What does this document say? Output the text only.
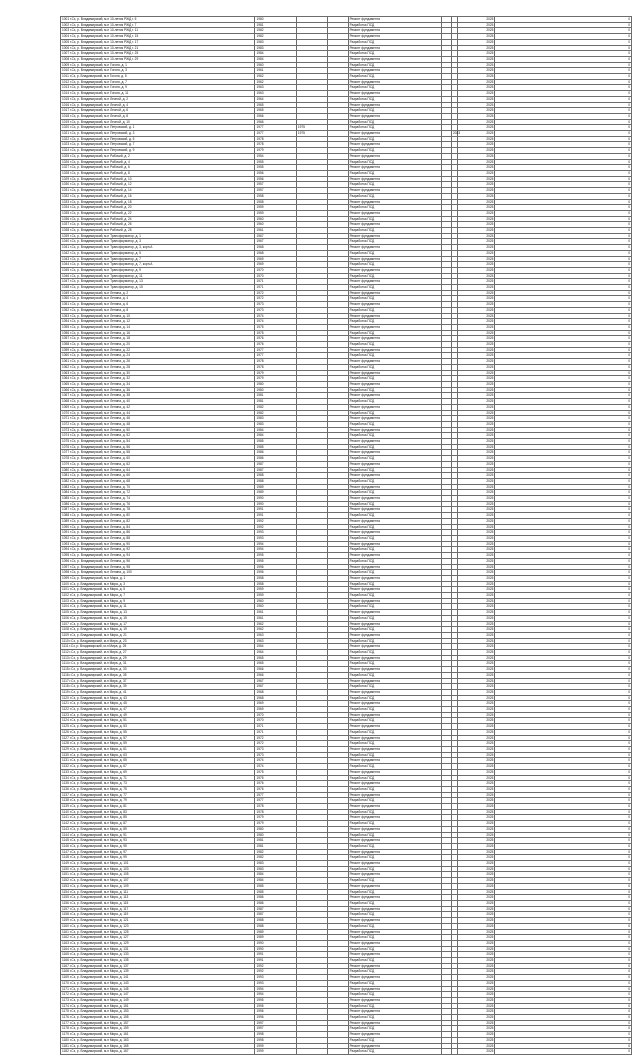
1001 г.Сз, р. Владимирский, м-н 10-летия РЖД г. 5	1980			Ремонт фундамента			2025	0
1002 г.Сз, р. Владимирский, м-н 10-летия РЖД г. 7	1981			Разработка ПСД			2025	0
1003 г.Сз, р. Владимирский, м-н 10-летия РЖД г. 11	1982			Ремонт фундамента			2025	0
1004 г.Сз, р. Владимирский, м-н 10-летия РЖД г. 15	1982			Ремонт фундамента			2025	0
1005 г.Сз, р. Владимирский, м-н 10-летия РЖД г. 17	1983			Разработка ПСД			2025	0
1006 г.Сз, р. Владимирский, м-н 10-летия РЖД г. 21	1983			Ремонт фундамента			2025	0
1007 г.Сз, р. Владимирский, м-н 10-летия РЖД г. 25	1984			Разработка ПСД			2025	0
1008 г.Сз, р. Владимирский, м-н 10-летия РЖД г. 29	1984			Ремонт фундамента			2025	0
1009 г.Сз, р. Владимирский, м-н Гоголя, д. 1	1960			Разработка ПСД			2025	0
1010 г.Сз, р. Владимирский, м-н Гоголя, д. 3	1961			Ремонт фундамента			2025	0
1011 г.Сз, р. Владимирский, м-н Гоголя, д. 5	1962			Разработка ПСД			2025	0
1012 г.Сз, р. Владимирский, м-н Гоголя, д. 7	1962			Ремонт фундамента			2025	0
1013 г.Сз, р. Владимирский, м-н Гоголя, д. 9	1963			Разработка ПСД			2025	0
1014 г.Сз, р. Владимирский, м-н Гоголя, д. 11	1963			Ремонт фундамента			2025	0
1015 г.Сз, р. Владимирский, м-н Лесной, д. 2	1964			Разработка ПСД			2025	0
1016 г.Сз, р. Владимирский, м-н Лесной, д. 4	1965			Ремонт фундамента			2025	0
1017 г.Сз, р. Владимирский, м-н Лесной, д. 6	1965			Разработка ПСД			2025	0
1018 г.Сз, р. Владимирский, м-н Лесной, д. 8	1966			Ремонт фундамента			2025	0
1019 г.Сз, р. Владимирский, м-н Лесной, д. 10	1966			Разработка ПСД			2025	0
1020 г.Сз, р. Владимирский, м-н Петровский, д. 1	1977	1975		Разработка ПСД			2025	0
1021 г.Сз, р. Владимирский, м-н Петровский, д. 3	1977	1975		Ремонт фундамента		2023	2025	0
1022 г.Сз, р. Владимирский, м-н Петровский, д. 5	1978			Разработка ПСД			2025	0
1023 г.Сз, р. Владимирский, м-н Петровский, д. 7	1978			Ремонт фундамента			2025	0
1024 г.Сз, р. Владимирский, м-н Петровский, д. 9	1979			Разработка ПСД			2025	0
1025 г.Сз, р. Владимирский, м-н Рабочий, д. 2	1954			Ремонт фундамента			2025	0
1026 г.Сз, р. Владимирский, м-н Рабочий, д. 4	1955			Разработка ПСД			2025	0
1027 г.Сз, р. Владимирский, м-н Рабочий, д. 6	1955			Ремонт фундамента			2025	0
1028 г.Сз, р. Владимирский, м-н Рабочий, д. 8	1956			Разработка ПСД			2025	0
1029 г.Сз, р. Владимирский, м-н Рабочий, д. 10	1956			Ремонт фундамента			2025	0
1030 г.Сз, р. Владимирский, м-н Рабочий, д. 12	1957			Разработка ПСД			2025	0
1031 г.Сз, р. Владимирский, м-н Рабочий, д. 14	1957			Ремонт фундамента			2025	0
1032 г.Сз, р. Владимирский, м-н Рабочий, д. 16	1958			Разработка ПСД			2025	0
1033 г.Сз, р. Владимирский, м-н Рабочий, д. 18	1958			Ремонт фундамента			2025	0
1034 г.Сз, р. Владимирский, м-н Рабочий, д. 20	1959			Разработка ПСД			2025	0
1035 г.Сз, р. Владимирский, м-н Рабочий, д. 22	1959			Ремонт фундамента			2025	0
1036 г.Сз, р. Владимирский, м-н Рабочий, д. 24	1960			Разработка ПСД			2025	0
1037 г.Сз, р. Владимирский, м-н Рабочий, д. 26	1960			Ремонт фундамента			2025	0
1038 г.Сз, р. Владимирский, м-н Рабочий, д. 28	1961			Разработка ПСД			2025	0
1039 г.Сз, р. Владимирский, м-н Трансформатор, д. 1	1967			Ремонт фундамента			2025	0
1040 г.Сз, р. Владимирский, м-н Трансформатор, д. 3	1967			Разработка ПСД			2025	0
1041 г.Сз, р. Владимирский, м-н Трансформатор, д. 3, корп.А	1968			Ремонт фундамента			2025	0
1042 г.Сз, р. Владимирский, м-н Трансформатор, д. 5	1968			Разработка ПСД			2025	0
1043 г.Сз, р. Владимирский, м-н Трансформатор, д. 7	1969			Ремонт фундамента			2025	0
1044 г.Сз, р. Владимирский, м-н Трансформатор, д. 7, корп.А	1969			Разработка ПСД			2025	0
1045 г.Сз, р. Владимирский, м-н Трансформатор, д. 9	1970			Ремонт фундамента			2025	0
1046 г.Сз, р. Владимирский, м-н Трансформатор, д. 11	1970			Разработка ПСД			2025	0
1047 г.Сз, р. Владимирский, м-н Трансформатор, д. 13	1971			Ремонт фундамента			2025	0
1048 г.Сз, р. Владимирский, м-н Трансформатор, д. 15	1971			Разработка ПСД			2025	0
1049 г.Сз, р. Владимирский, м-н Ленина, д. 2	1972			Ремонт фундамента			2025	0
1050 г.Сз, р. Владимирский, м-н Ленина, д. 4	1972			Разработка ПСД			2025	0
1051 г.Сз, р. Владимирский, м-н Ленина, д. 6	1973			Ремонт фундамента			2025	0
1052 г.Сз, р. Владимирский, м-н Ленина, д. 8	1973			Разработка ПСД			2025	0
1053 г.Сз, р. Владимирский, м-н Ленина, д. 10	1974			Ремонт фундамента			2025	0
1054 г.Сз, р. Владимирский, м-н Ленина, д. 12	1974			Разработка ПСД			2025	0
1055 г.Сз, р. Владимирский, м-н Ленина, д. 14	1975			Ремонт фундамента			2025	0
1056 г.Сз, р. Владимирский, м-н Ленина, д. 16	1975			Разработка ПСД			2025	0
1057 г.Сз, р. Владимирский, м-н Ленина, д. 18	1976			Ремонт фундамента			2025	0
1058 г.Сз, р. Владимирский, м-н Ленина, д. 20	1976			Разработка ПСД			2025	0
1059 г.Сз, р. Владимирский, м-н Ленина, д. 22	1977			Ремонт фундамента			2025	0
1060 г.Сз, р. Владимирский, м-н Ленина, д. 24	1977			Разработка ПСД			2025	0
1061 г.Сз, р. Владимирский, м-н Ленина, д. 26	1978			Ремонт фундамента			2025	0
1062 г.Сз, р. Владимирский, м-н Ленина, д. 28	1978			Разработка ПСД			2025	0
1063 г.Сз, р. Владимирский, м-н Ленина, д. 30	1979			Ремонт фундамента			2025	0
1064 г.Сз, р. Владимирский, м-н Ленина, д. 32	1979			Разработка ПСД			2025	0
1065 г.Сз, р. Владимирский, м-н Ленина, д. 34	1980			Ремонт фундамента			2025	0
1066 г.Сз, р. Владимирский, м-н Ленина, д. 36	1980			Разработка ПСД			2025	0
1067 г.Сз, р. Владимирский, м-н Ленина, д. 38	1981			Ремонт фундамента			2025	0
1068 г.Сз, р. Владимирский, м-н Ленина, д. 40	1981			Разработка ПСД			2025	0
1069 г.Сз, р. Владимирский, м-н Ленина, д. 42	1982			Ремонт фундамента			2025	0
1070 г.Сз, р. Владимирский, м-н Ленина, д. 44	1982			Разработка ПСД			2025	0
1071 г.Сз, р. Владимирский, м-н Ленина, д. 46	1983			Ремонт фундамента			2025	0
1072 г.Сз, р. Владимирский, м-н Ленина, д. 48	1983			Разработка ПСД			2025	0
1073 г.Сз, р. Владимирский, м-н Ленина, д. 50	1984			Ремонт фундамента			2025	0
1074 г.Сз, р. Владимирский, м-н Ленина, д. 52	1984			Разработка ПСД			2025	0
1075 г.Сз, р. Владимирский, м-н Ленина, д. 54	1985			Ремонт фундамента			2025	0
1076 г.Сз, р. Владимирский, м-н Ленина, д. 56	1985			Разработка ПСД			2025	0
1077 г.Сз, р. Владимирский, м-н Ленина, д. 58	1986			Ремонт фундамента			2025	0
1078 г.Сз, р. Владимирский, м-н Ленина, д. 60	1986			Разработка ПСД			2025	0
1079 г.Сз, р. Владимирский, м-н Ленина, д. 62	1987			Ремонт фундамента			2025	0
1080 г.Сз, р. Владимирский, м-н Ленина, д. 64	1987			Разработка ПСД			2025	0
1081 г.Сз, р. Владимирский, м-н Ленина, д. 66	1988			Ремонт фундамента			2025	0
1082 г.Сз, р. Владимирский, м-н Ленина, д. 68	1988			Разработка ПСД			2025	0
1083 г.Сз, р. Владимирский, м-н Ленина, д. 70	1989			Ремонт фундамента			2025	0
1084 г.Сз, р. Владимирский, м-н Ленина, д. 72	1989			Разработка ПСД			2025	0
1085 г.Сз, р. Владимирский, м-н Ленина, д. 74	1990			Ремонт фундамента			2025	0
1086 г.Сз, р. Владимирский, м-н Ленина, д. 76	1990			Разработка ПСД			2025	0
1087 г.Сз, р. Владимирский, м-н Ленина, д. 78	1991			Ремонт фундамента			2025	0
1088 г.Сз, р. Владимирский, м-н Ленина, д. 80	1991			Разработка ПСД			2025	0
1089 г.Сз, р. Владимирский, м-н Ленина, д. 82	1992			Ремонт фундамента			2025	0
1090 г.Сз, р. Владимирский, м-н Ленина, д. 84	1992			Разработка ПСД			2025	0
1091 г.Сз, р. Владимирский, м-н Ленина, д. 86	1993			Ремонт фундамента			2025	0
1092 г.Сз, р. Владимирский, м-н Ленина, д. 88	1993			Разработка ПСД			2025	0
1093 г.Сз, р. Владимирский, м-н Ленина, д. 90	1994			Ремонт фундамента			2025	0
1094 г.Сз, р. Владимирский, м-н Ленина, д. 92	1994			Разработка ПСД			2025	0
1095 г.Сз, р. Владимирский, м-н Ленина, д. 94	1995			Ремонт фундамента			2025	0
1096 г.Сз, р. Владимирский, м-н Ленина, д. 96	1995			Разработка ПСД			2025	0
1097 г.Сз, р. Владимирский, м-н Ленина, д. 98	1996			Ремонт фундамента			2025	0
1098 г.Сз, р. Владимирский, м-н Ленина, д. 100	1996			Разработка ПСД			2025	0
1099 г.Сз, р. Владимирский, м-н Мира, д. 1	1958			Ремонт фундамента			2025	0
1100 г.Сз, р. Владимирский, м-н Мира, д. 3	1958			Разработка ПСД			2025	0
1101 г.Сз, р. Владимирский, м-н Мира, д. 5	1959			Ремонт фундамента			2025	0
1102 г.Сз, р. Владимирский, м-н Мира, д. 7	1959			Разработка ПСД			2025	0
1103 г.Сз, р. Владимирский, м-н Мира, д. 9	1960			Ремонт фундамента			2025	0
1104 г.Сз, р. Владимирский, м-н Мира, д. 11	1960			Разработка ПСД			2025	0
1105 г.Сз, р. Владимирский, м-н Мира, д. 13	1961			Ремонт фундамента			2025	0
1106 г.Сз, р. Владимирский, м-н Мира, д. 15	1961			Разработка ПСД			2025	0
1107 г.Сз, р. Владимирский, м-н Мира, д. 17	1962			Ремонт фундамента			2025	0
1108 г.Сз, р. Владимирский, м-н Мира, д. 19	1962			Разработка ПСД			2025	0
1109 г.Сз, р. Владимирский, м-н Мира, д. 21	1963			Ремонт фундамента			2025	0
1110 г.Сз, р. Владимирский, м-н Мира, д. 23	1963			Разработка ПСД			2025	0
1111 г.Сз, р. Владимирский, м-н Мира, д. 25	1964			Ремонт фундамента			2025	0
1112 г.Сз, р. Владимирский, м-н Мира, д. 27	1964			Разработка ПСД			2025	0
1113 г.Сз, р. Владимирский, м-н Мира, д. 29	1965			Ремонт фундамента			2025	0
1114 г.Сз, р. Владимирский, м-н Мира, д. 31	1965			Разработка ПСД			2025	0
1115 г.Сз, р. Владимирский, м-н Мира, д. 33	1966			Ремонт фундамента			2025	0
1116 г.Сз, р. Владимирский, м-н Мира, д. 35	1966			Разработка ПСД			2025	0
1117 г.Сз, р. Владимирский, м-н Мира, д. 37	1967			Ремонт фундамента			2025	0
1118 г.Сз, р. Владимирский, м-н Мира, д. 39	1967			Разработка ПСД			2025	0
1119 г.Сз, р. Владимирский, м-н Мира, д. 41	1968			Ремонт фундамента			2025	0
1120 г.Сз, р. Владимирский, м-н Мира, д. 43	1968			Разработка ПСД			2025	0
1121 г.Сз, р. Владимирский, м-н Мира, д. 45	1969			Ремонт фундамента			2025	0
1122 г.Сз, р. Владимирский, м-н Мира, д. 47	1969			Разработка ПСД			2025	0
1123 г.Сз, р. Владимирский, м-н Мира, д. 49	1970			Ремонт фундамента			2025	0
1124 г.Сз, р. Владимирский, м-н Мира, д. 51	1970			Разработка ПСД			2025	0
1125 г.Сз, р. Владимирский, м-н Мира, д. 53	1971			Ремонт фундамента			2025	0
1126 г.Сз, р. Владимирский, м-н Мира, д. 55	1971			Разработка ПСД			2025	0
1127 г.Сз, р. Владимирский, м-н Мира, д. 57	1972			Ремонт фундамента			2025	0
1128 г.Сз, р. Владимирский, м-н Мира, д. 59	1972			Разработка ПСД			2025	0
1129 г.Сз, р. Владимирский, м-н Мира, д. 61	1973			Ремонт фундамента			2025	0
1130 г.Сз, р. Владимирский, м-н Мира, д. 63	1973			Разработка ПСД			2025	0
1131 г.Сз, р. Владимирский, м-н Мира, д. 65	1974			Ремонт фундамента			2025	0
1132 г.Сз, р. Владимирский, м-н Мира, д. 67	1974			Разработка ПСД			2025	0
1133 г.Сз, р. Владимирский, м-н Мира, д. 69	1975			Ремонт фундамента			2025	0
1134 г.Сз, р. Владимирский, м-н Мира, д. 71	1975			Разработка ПСД			2025	0
1135 г.Сз, р. Владимирский, м-н Мира, д. 73	1976			Ремонт фундамента			2025	0
1136 г.Сз, р. Владимирский, м-н Мира, д. 75	1976			Разработка ПСД			2025	0
1137 г.Сз, р. Владимирский, м-н Мира, д. 77	1977			Ремонт фундамента			2025	0
1138 г.Сз, р. Владимирский, м-н Мира, д. 79	1977			Разработка ПСД			2025	0
1139 г.Сз, р. Владимирский, м-н Мира, д. 81	1978			Ремонт фундамента			2025	0
1140 г.Сз, р. Владимирский, м-н Мира, д. 83	1978			Разработка ПСД			2025	0
1141 г.Сз, р. Владимирский, м-н Мира, д. 85	1979			Ремонт фундамента			2025	0
1142 г.Сз, р. Владимирский, м-н Мира, д. 87	1979			Разработка ПСД			2025	0
1143 г.Сз, р. Владимирский, м-н Мира, д. 89	1980			Ремонт фундамента			2025	0
1144 г.Сз, р. Владимирский, м-н Мира, д. 91	1980			Разработка ПСД			2025	0
1145 г.Сз, р. Владимирский, м-н Мира, д. 93	1981			Ремонт фундамента			2025	0
1146 г.Сз, р. Владимирский, м-н Мира, д. 95	1981			Разработка ПСД			2025	0
1147 г.Сз, р. Владимирский, м-н Мира, д. 97	1982			Ремонт фундамента			2025	0
1148 г.Сз, р. Владимирский, м-н Мира, д. 99	1982			Разработка ПСД			2025	0
1149 г.Сз, р. Владимирский, м-н Мира, д. 101	1983			Ремонт фундамента			2025	0
1150 г.Сз, р. Владимирский, м-н Мира, д. 103	1983			Разработка ПСД			2025	0
1151 г.Сз, р. Владимирский, м-н Мира, д. 105	1984			Ремонт фундамента			2025	0
1152 г.Сз, р. Владимирский, м-н Мира, д. 107	1984			Разработка ПСД			2025	0
1153 г.Сз, р. Владимирский, м-н Мира, д. 109	1985			Ремонт фундамента			2025	0
1154 г.Сз, р. Владимирский, м-н Мира, д. 111	1985			Разработка ПСД			2025	0
1155 г.Сз, р. Владимирский, м-н Мира, д. 113	1986			Ремонт фундамента			2025	0
1156 г.Сз, р. Владимирский, м-н Мира, д. 115	1986			Разработка ПСД			2025	0
1157 г.Сз, р. Владимирский, м-н Мира, д. 117	1987			Ремонт фундамента			2025	0
1158 г.Сз, р. Владимирский, м-н Мира, д. 119	1987			Разработка ПСД			2025	0
1159 г.Сз, р. Владимирский, м-н Мира, д. 121	1988			Ремонт фундамента			2025	0
1160 г.Сз, р. Владимирский, м-н Мира, д. 123	1988			Разработка ПСД			2025	0
1161 г.Сз, р. Владимирский, м-н Мира, д. 125	1989			Ремонт фундамента			2025	0
1162 г.Сз, р. Владимирский, м-н Мира, д. 127	1989			Разработка ПСД			2025	0
1163 г.Сз, р. Владимирский, м-н Мира, д. 129	1990			Ремонт фундамента			2025	0
1164 г.Сз, р. Владимирский, м-н Мира, д. 131	1990			Разработка ПСД			2025	0
1165 г.Сз, р. Владимирский, м-н Мира, д. 133	1991			Ремонт фундамента			2025	0
1166 г.Сз, р. Владимирский, м-н Мира, д. 135	1991			Разработка ПСД			2025	0
1167 г.Сз, р. Владимирский, м-н Мира, д. 137	1992			Ремонт фундамента			2025	0
1168 г.Сз, р. Владимирский, м-н Мира, д. 139	1992			Разработка ПСД			2025	0
1169 г.Сз, р. Владимирский, м-н Мира, д. 141	1993			Ремонт фундамента			2025	0
1170 г.Сз, р. Владимирский, м-н Мира, д. 143	1993			Разработка ПСД			2025	0
1171 г.Сз, р. Владимирский, м-н Мира, д. 145	1994			Ремонт фундамента			2025	0
1172 г.Сз, р. Владимирский, м-н Мира, д. 147	1994			Разработка ПСД			2025	0
1173 г.Сз, р. Владимирский, м-н Мира, д. 149	1995			Ремонт фундамента			2025	0
1174 г.Сз, р. Владимирский, м-н Мира, д. 151	1995			Разработка ПСД			2025	0
1175 г.Сз, р. Владимирский, м-н Мира, д. 153	1996			Ремонт фундамента			2025	0
1176 г.Сз, р. Владимирский, м-н Мира, д. 155	1996			Разработка ПСД			2025	0
1177 г.Сз, р. Владимирский, м-н Мира, д. 157	1997			Ремонт фундамента			2025	0
1178 г.Сз, р. Владимирский, м-н Мира, д. 159	1997			Разработка ПСД			2025	0
1179 г.Сз, р. Владимирский, м-н Мира, д. 161	1998			Ремонт фундамента			2025	0
1180 г.Сз, р. Владимирский, м-н Мира, д. 163	1998			Разработка ПСД			2025	0
1181 г.Сз, р. Владимирский, м-н Мира, д. 165	1999			Ремонт фундамента			2025	0
1182 г.Сз, р. Владимирский, м-н Мира, д. 167	1999			Разработка ПСД			2025	0
